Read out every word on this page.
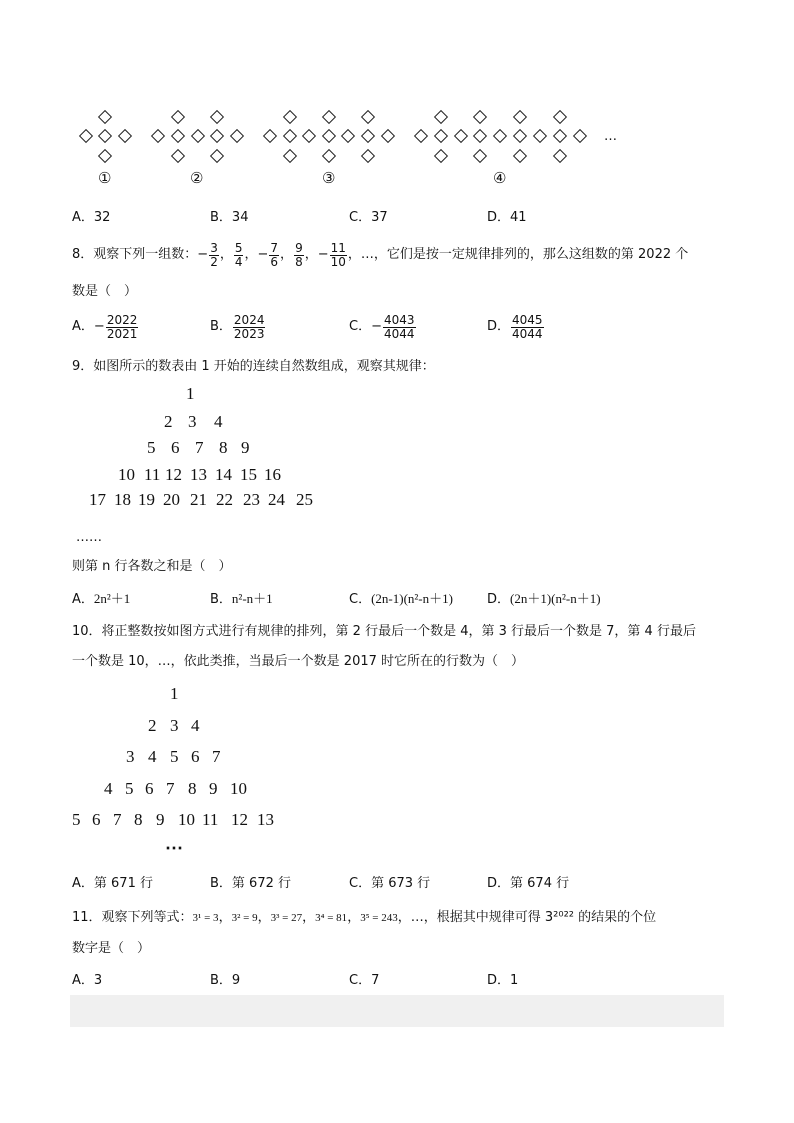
①	②	③	④
…
A．32	B．34	C．37	D．41
8．观察下列一组数： − $\frac{3}{2}$ ， $\frac{5}{4}$ ， − $\frac{7}{6}$ ， $\frac{9}{8}$ ， − $\frac{11}{10}$ ，…，它们是按一定规律排列的，那么这组数的第 2022 个
数是（　）
A． − $\frac{2022}{2021}$	B． $\frac{2024}{2023}$	C． − $\frac{4043}{4044}$	D． $\frac{4045}{4044}$
9．如图所示的数表由 1 开始的连续自然数组成，观察其规律：
1
2 3 4
5 6 7 8 9
10 11 12 13 14 15 16
17 18 19 20 21 22 23 24 25
……
则第 n 行各数之和是（　）
A．2n²＋1	B．n²-n＋1	C．(2n-1)(n²-n＋1)	D．(2n＋1)(n²-n＋1)
10．将正整数按如图方式进行有规律的排列，第 2 行最后一个数是 4，第 3 行最后一个数是 7，第 4 行最后
一个数是 10，…，依此类推，当最后一个数是 2017 时它所在的行数为（　）
1
2 3 4
3 4 5 6 7
4 5 6 7 8 9 10
5 6 7 8 9 10 11 12 13
⋯
A．第 671 行	B．第 672 行	C．第 673 行	D．第 674 行
11．观察下列等式：3¹ = 3，3² = 9，3³ = 27，3⁴ = 81，3⁵ = 243，…，根据其中规律可得 3²⁰²² 的结果的个位
数字是（　）
A．3	B．9	C．7	D．1
